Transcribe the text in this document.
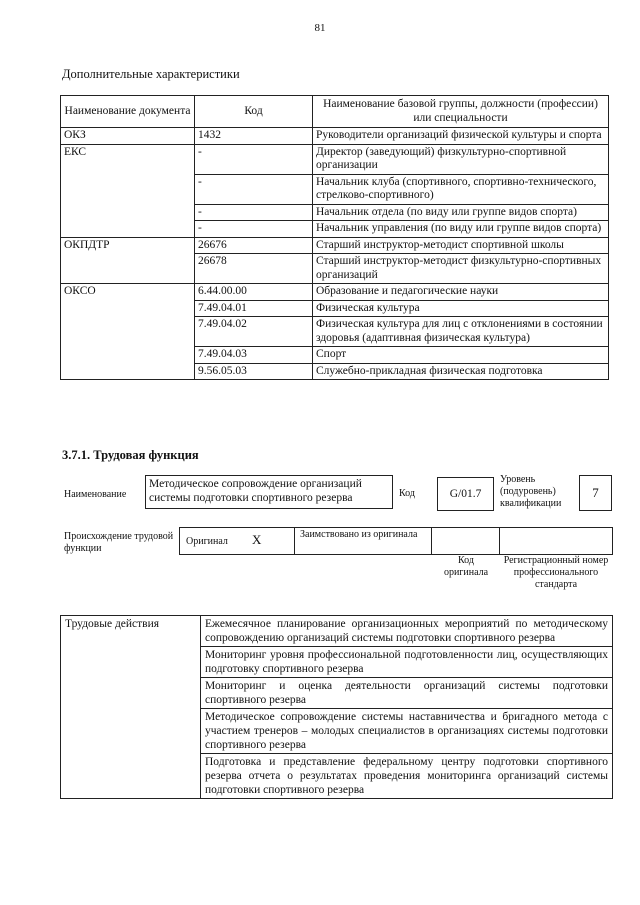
81
Дополнительные характеристики
Наименование документа	Код	Наименование базовой группы, должности (профессии) или специальности
ОКЗ	1432	Руководители организаций физической культуры и спорта
ЕКС	-	Директор (заведующий) физкультурно-спортивной организации
	-	Начальник клуба (спортивного, спортивно-технического, стрелково-спортивного)
	-	Начальник отдела (по виду или группе видов спорта)
	-	Начальник управления (по виду или группе видов спорта)
ОКПДТР	26676	Старший инструктор-методист спортивной школы
	26678	Старший инструктор-методист физкультурно-спортивных организаций
ОКСО	6.44.00.00	Образование и педагогические науки
	7.49.04.01	Физическая культура
	7.49.04.02	Физическая культура для лиц с отклонениями в состоянии здоровья (адаптивная физическая культура)
	7.49.04.03	Спорт
	9.56.05.03	Служебно-прикладная физическая подготовка
3.7.1. Трудовая функция
Наименование
Методическое сопровождение организаций системы подготовки спортивного резерва	Код	G/01.7
Уровень (подуровень) квалификации
7
Происхождение трудовой функции
Оригинал X	Заимствовано из оригинала
Код оригинала
Регистрационный номер профессионального стандарта
Трудовые действия	Ежемесячное планирование организационных мероприятий по методическому сопровождению организаций системы подготовки спортивного резерва
Мониторинг уровня профессиональной подготовленности лиц, осуществляющих подготовку спортивного резерва
Мониторинг и оценка деятельности организаций системы подготовки спортивного резерва
Методическое сопровождение системы наставничества и бригадного метода с участием тренеров – молодых специалистов в организациях системы подготовки спортивного резерва
Подготовка и представление федеральному центру подготовки спортивного резерва отчета о результатах проведения мониторинга организаций системы подготовки спортивного резерва
